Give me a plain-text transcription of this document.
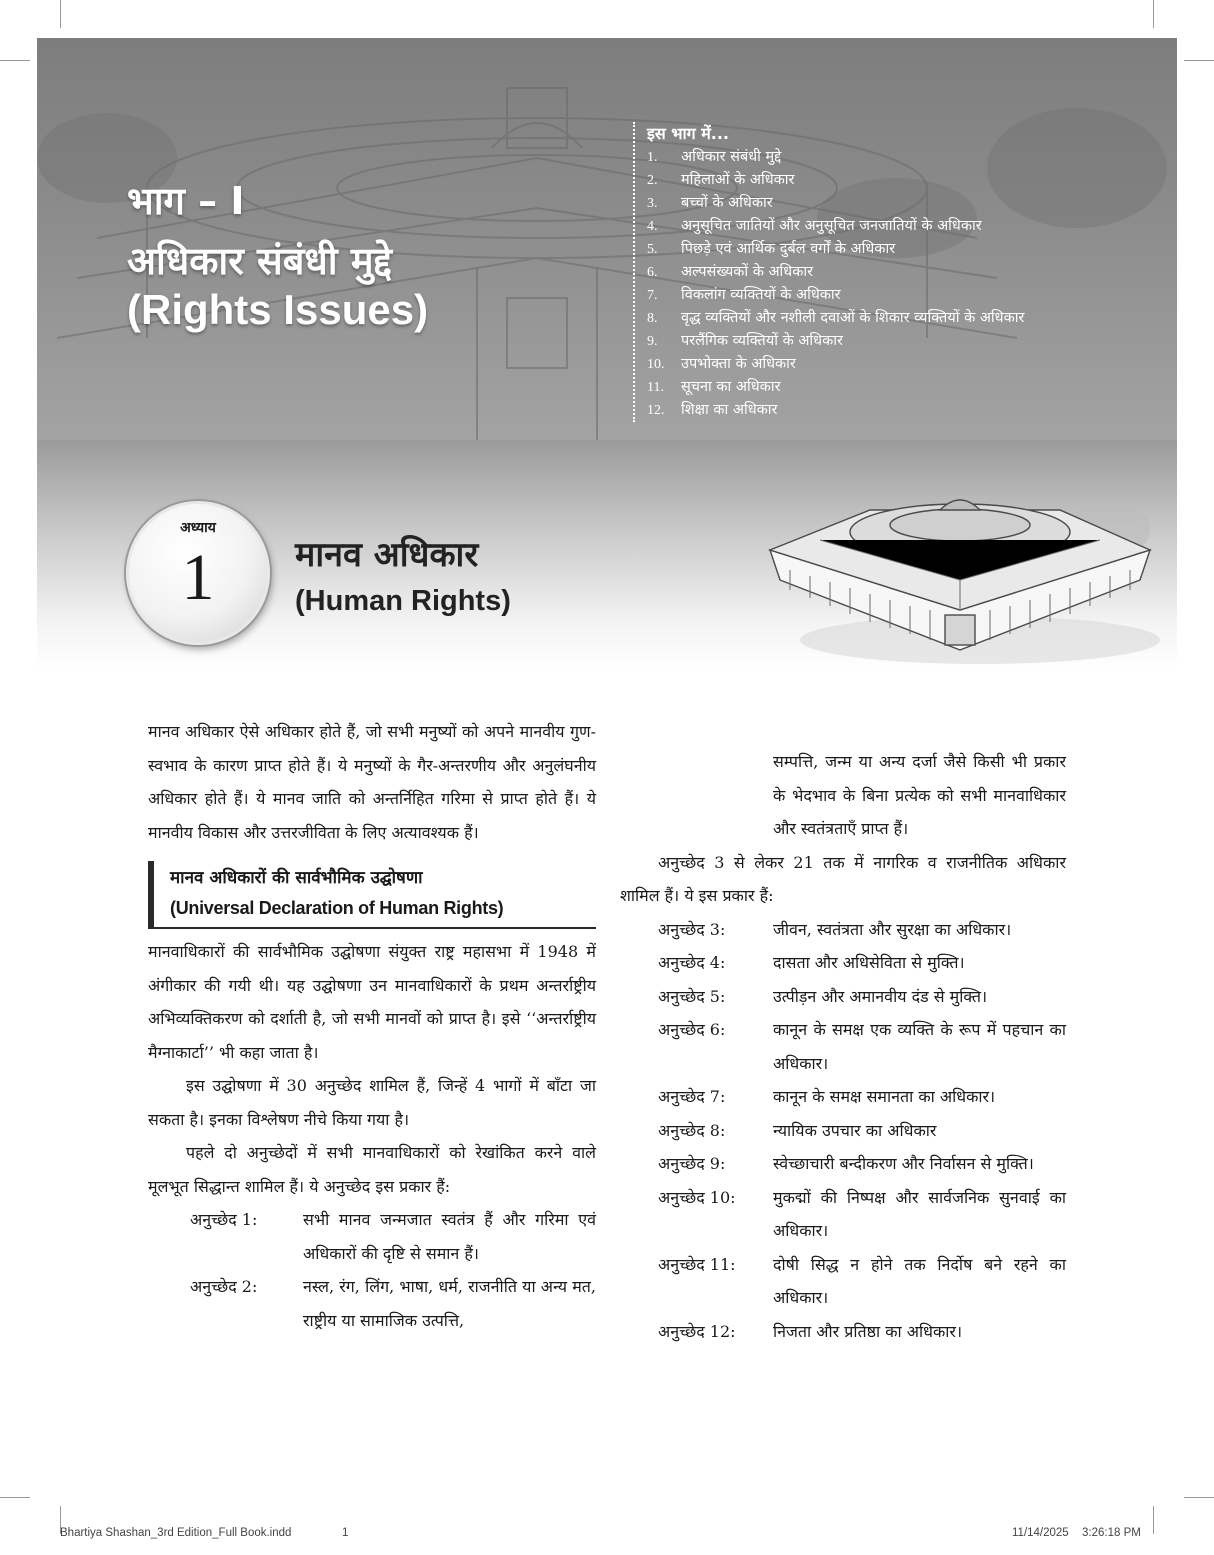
भाग – I
अधिकार संबंधी मुद्दे
(Rights Issues)
इस भाग में...
1.	अधिकार संबंधी मुद्दे
2.	महिलाओं के अधिकार
3.	बच्चों के अधिकार
4.	अनुसूचित जातियों और अनुसूचित जनजातियों के अधिकार
5.	पिछड़े एवं आर्थिक दुर्बल वर्गों के अधिकार
6.	अल्पसंख्यकों के अधिकार
7.	विकलांग व्यक्तियों के अधिकार
8.	वृद्ध व्यक्तियों और नशीली दवाओं के शिकार व्यक्तियों के अधिकार
9.	परलैंगिक व्यक्तियों के अधिकार
10.	उपभोक्ता के अधिकार
11.	सूचना का अधिकार
12.	शिक्षा का अधिकार
अध्याय
1	मानव अधिकार
(Human Rights)

मानव अधिकार ऐसे अधिकार होते हैं, जो सभी मनुष्यों को अपने मानवीय गुण-स्वभाव के कारण प्राप्त होते हैं। ये मनुष्यों के गैर-अन्तरणीय और अनुलंघनीय अधिकार होते हैं। ये मानव जाति को अन्तर्निहित गरिमा से प्राप्त होते हैं। ये मानवीय विकास और उत्तरजीविता के लिए अत्यावश्यक हैं।

मानव अधिकारों की सार्वभौमिक उद्घोषणा
(Universal Declaration of Human Rights)

मानवाधिकारों की सार्वभौमिक उद्घोषणा संयुक्त राष्ट्र महासभा में 1948 में अंगीकार की गयी थी। यह उद्घोषणा उन मानवाधिकारों के प्रथम अन्तर्राष्ट्रीय अभिव्यक्तिकरण को दर्शाती है, जो सभी मानवों को प्राप्त है। इसे ‘‘अन्तर्राष्ट्रीय मैग्नाकार्टा’’ भी कहा जाता है।

इस उद्घोषणा में 30 अनुच्छेद शामिल हैं, जिन्हें 4 भागों में बाँटा जा सकता है। इनका विश्लेषण नीचे किया गया है।

पहले दो अनुच्छेदों में सभी मानवाधिकारों को रेखांकित करने वाले मूलभूत सिद्धान्त शामिल हैं। ये अनुच्छेद इस प्रकार हैं:

अनुच्छेद 1:	सभी मानव जन्मजात स्वतंत्र हैं और गरिमा एवं अधिकारों की दृष्टि से समान हैं।
अनुच्छेद 2:	नस्ल, रंग, लिंग, भाषा, धर्म, राजनीति या अन्य मत, राष्ट्रीय या सामाजिक उत्पत्ति,

सम्पत्ति, जन्म या अन्य दर्जा जैसे किसी भी प्रकार के भेदभाव के बिना प्रत्येक को सभी मानवाधिकार और स्वतंत्रताएँ प्राप्त हैं।

अनुच्छेद 3 से लेकर 21 तक में नागरिक व राजनीतिक अधिकार शामिल हैं। ये इस प्रकार हैं:

अनुच्छेद 3:	जीवन, स्वतंत्रता और सुरक्षा का अधिकार।
अनुच्छेद 4:	दासता और अधिसेविता से मुक्ति।
अनुच्छेद 5:	उत्पीड़न और अमानवीय दंड से मुक्ति।
अनुच्छेद 6:	कानून के समक्ष एक व्यक्ति के रूप में पहचान का अधिकार।
अनुच्छेद 7:	कानून के समक्ष समानता का अधिकार।
अनुच्छेद 8:	न्यायिक उपचार का अधिकार
अनुच्छेद 9:	स्वेच्छाचारी बन्दीकरण और निर्वासन से मुक्ति।
अनुच्छेद 10:	मुकद्मों की निष्पक्ष और सार्वजनिक सुनवाई का अधिकार।
अनुच्छेद 11:	दोषी सिद्ध न होने तक निर्दोष बने रहने का अधिकार।
अनुच्छेद 12:	निजता और प्रतिष्ठा का अधिकार।
Bhartiya Shashan_3rd Edition_Full Book.indd	1	11/14/2025 3:26:18 PM
